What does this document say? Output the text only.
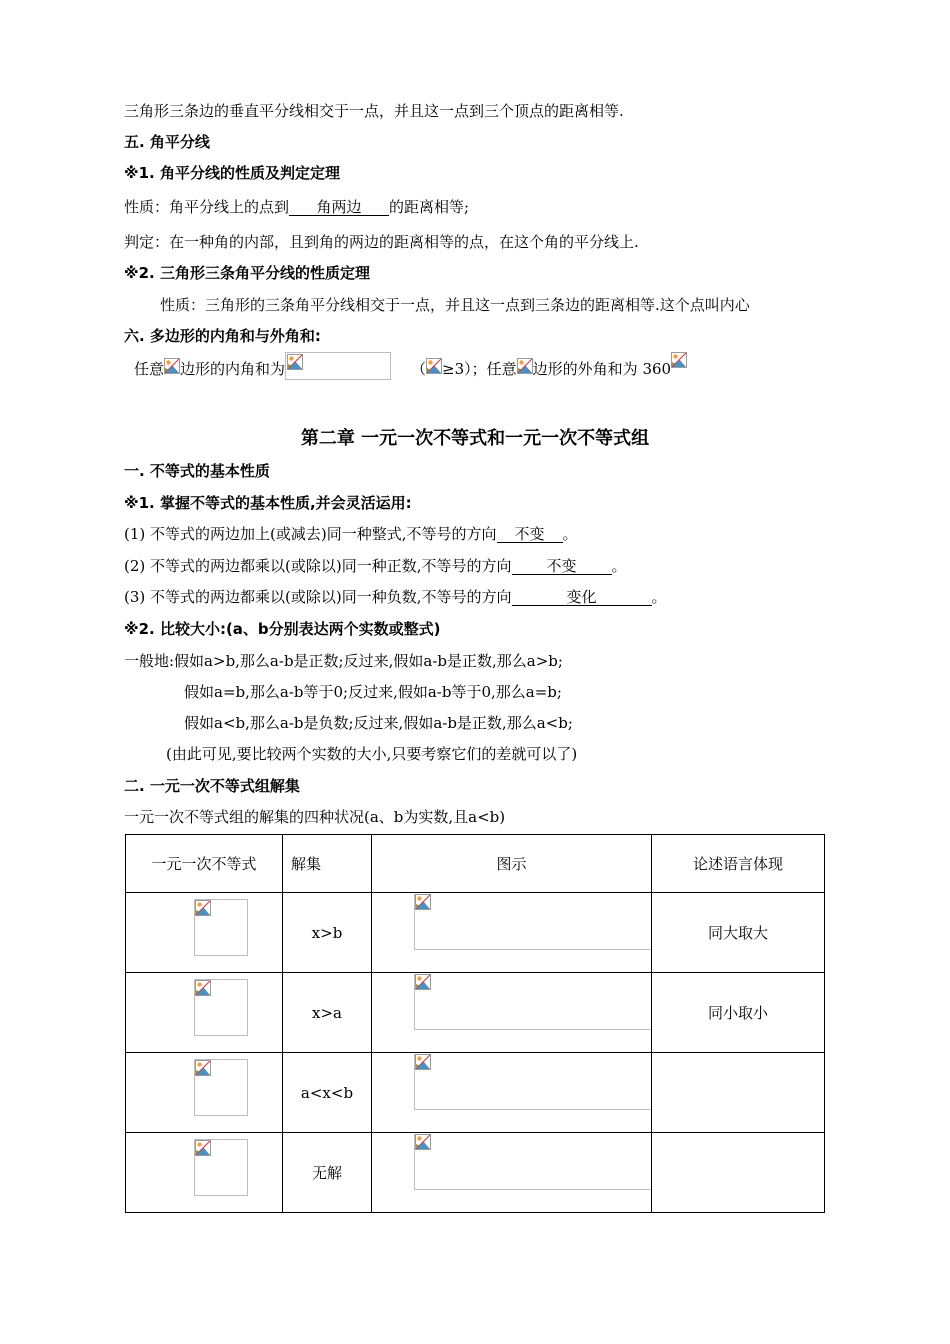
三角形三条边的垂直平分线相交于一点，并且这一点到三个顶点的距离相等.
五. 角平分线
※1. 角平分线的性质及判定定理
性质：角平分线上的点到 角两边 的距离相等;
判定：在一种角的内部，且到角的两边的距离相等的点，在这个角的平分线上.
※2. 三角形三条角平分线的性质定理
性质：三角形的三条角平分线相交于一点，并且这一点到三条边的距离相等.这个点叫内心
六. 多边形的内角和与外角和:
任意 边形的内角和为	（ ≥3）；任意 边形的外角和为 360
第二章 一元一次不等式和一元一次不等式组
一. 不等式的基本性质
※1. 掌握不等式的基本性质,并会灵活运用:
(1) 不等式的两边加上(或减去)同一种整式,不等号的方向 不变 。
(2) 不等式的两边都乘以(或除以)同一种正数,不等号的方向 不变 。
(3) 不等式的两边都乘以(或除以)同一种负数,不等号的方向	变化	。
※2. 比较大小:(a、b分别表达两个实数或整式)
一般地:假如a>b,那么a-b是正数;反过来,假如a-b是正数,那么a>b;
假如a=b,那么a-b等于0;反过来,假如a-b等于0,那么a=b;
假如a<b,那么a-b是负数;反过来,假如a-b是正数,那么a<b;
(由此可见,要比较两个实数的大小,只要考察它们的差就可以了)
二. 一元一次不等式组解集
一元一次不等式组的解集的四种状况(a、b为实数,且a<b)
一元一次不等式	解集	图示	论述语言体现

	x>b		同大取大

	x>a		同小取小

	a<x<b	

	无解	
